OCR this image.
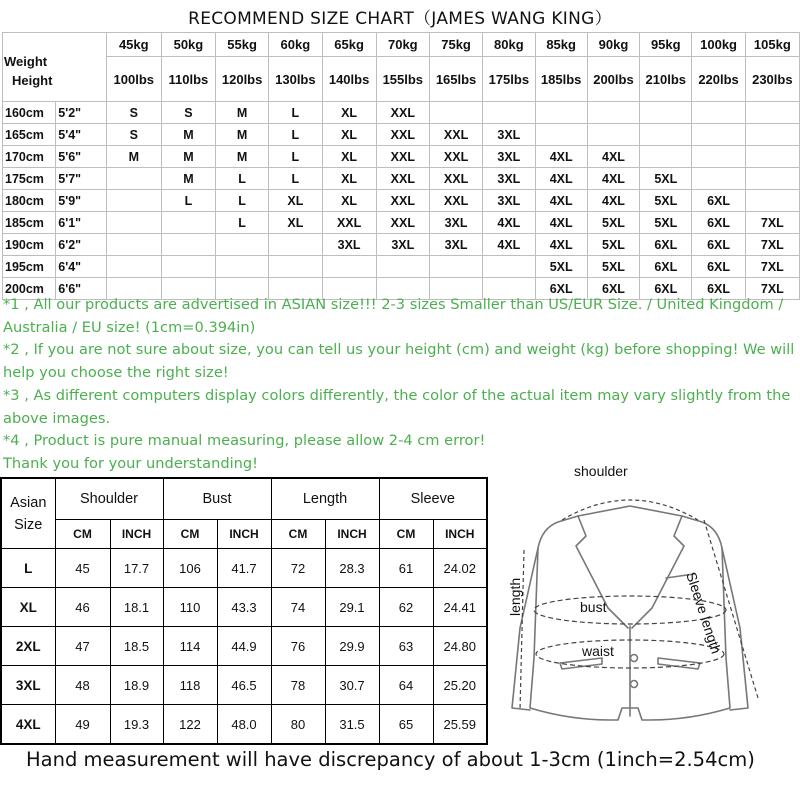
RECOMMEND SIZE CHART（JAMES WANG KING）
Weight
Height		45kg	50kg	55kg	60kg	65kg	70kg	75kg	80kg	85kg	90kg	95kg	100kg	105kg
		100lbs	110lbs	120lbs	130lbs	140lbs	155lbs	165lbs	175lbs	185lbs	200lbs	210lbs	220lbs	230lbs
160cm	5'2"	S	S	M	L	XL	XXL							
165cm	5'4"	S	M	M	L	XL	XXL	XXL	3XL					
170cm	5'6"	M	M	M	L	XL	XXL	XXL	3XL	4XL	4XL			
175cm	5'7"		M	L	L	XL	XXL	XXL	3XL	4XL	4XL	5XL		
180cm	5'9"		L	L	XL	XL	XXL	XXL	3XL	4XL	4XL	5XL	6XL	
185cm	6'1"			L	XL	XXL	XXL	3XL	4XL	4XL	5XL	5XL	6XL	7XL
190cm	6'2"					3XL	3XL	3XL	4XL	4XL	5XL	6XL	6XL	7XL
195cm	6'4"									5XL	5XL	6XL	6XL	7XL
200cm	6'6"									6XL	6XL	6XL	6XL	7XL

*1 , All our products are advertised in ASIAN size!!! 2-3 sizes Smaller than US/EUR Size. / United Kingdom / Australia / EU size! (1cm=0.394in)

*2 , If you are not sure about size, you can tell us your height (cm) and weight (kg) before shopping! We will help you choose the right size!

*3 , As different computers display colors differently, the color of the actual item may vary slightly from the above images.

*4 , Product is pure manual measuring, please allow 2-4 cm error!

Thank you for your understanding!

Asian
Size	Shoulder		Bust		Length		Sleeve	
	CM	INCH	CM	INCH	CM	INCH	CM	INCH
L	45	17.7	106	41.7	72	28.3	61	24.02
XL	46	18.1	110	43.3	74	29.1	62	24.41
2XL	47	18.5	114	44.9	76	29.9	63	24.80
3XL	48	18.9	118	46.5	78	30.7	64	25.20
4XL	49	19.3	122	48.0	80	31.5	65	25.59
shoulder
bust
waist
length	Sleeve length
Hand measurement will have discrepancy of about 1-3cm (1inch=2.54cm)
